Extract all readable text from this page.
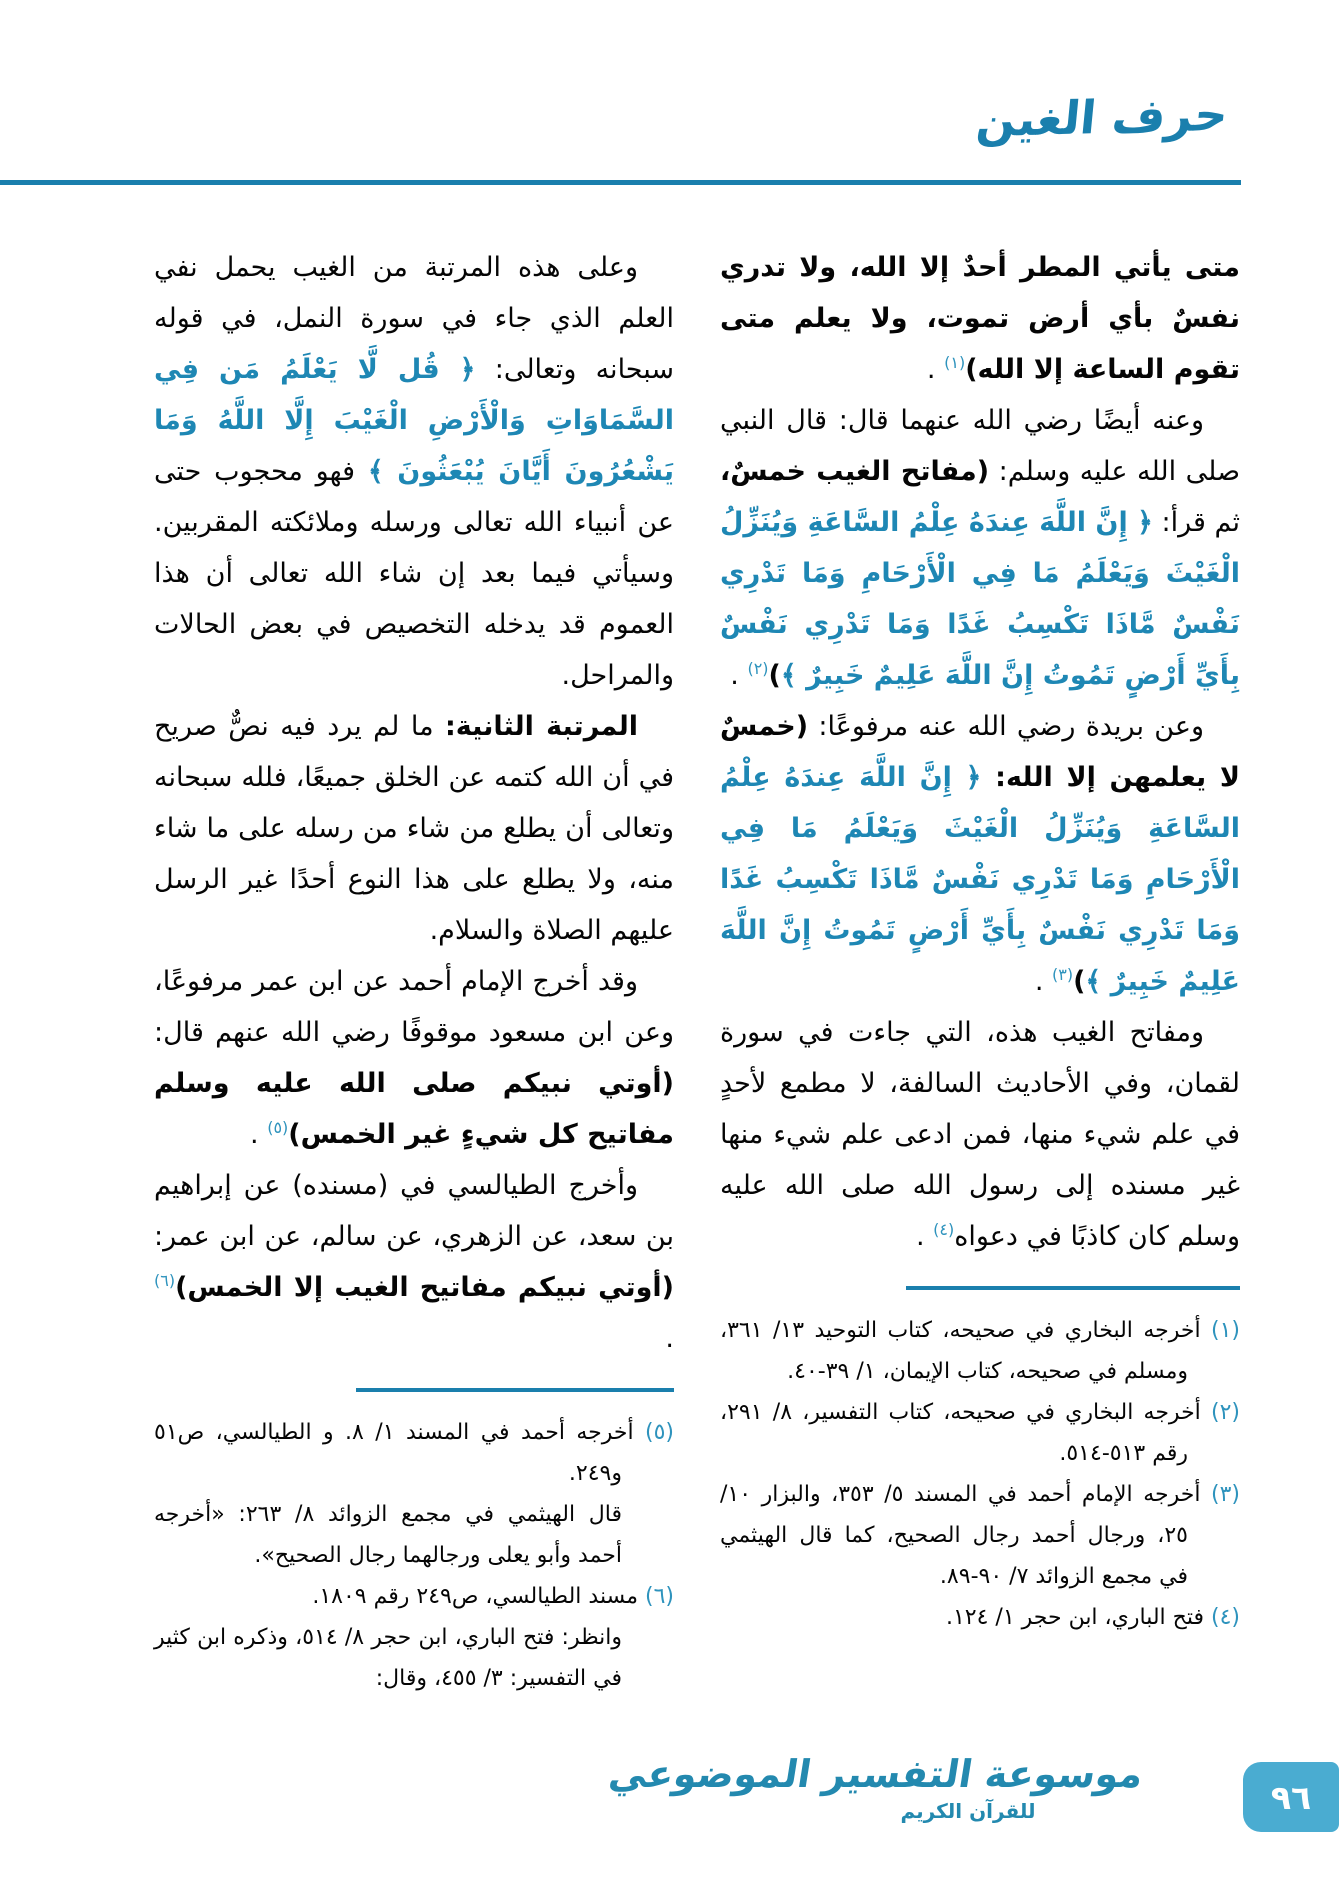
حرف الغين
متى يأتي المطر أحدٌ إلا الله، ولا تدري نفسٌ بأي أرض تموت، ولا يعلم متى تقوم الساعة إلا الله)$^{(١)}$ .
وعنه أيضًا رضي الله عنهما قال: قال النبي صلى الله عليه وسلم: (مفاتح الغيب خمسٌ، ثم قرأ: ﴿ إِنَّ اللَّهَ عِندَهُ عِلْمُ السَّاعَةِ وَيُنَزِّلُ الْغَيْثَ وَيَعْلَمُ مَا فِي الْأَرْحَامِ وَمَا تَدْرِي نَفْسٌ مَّاذَا تَكْسِبُ غَدًا وَمَا تَدْرِي نَفْسٌ بِأَيِّ أَرْضٍ تَمُوتُ إِنَّ اللَّهَ عَلِيمٌ خَبِيرٌ ﴾)$^{(٢)}$ .
وعن بريدة رضي الله عنه مرفوعًا: (خمسٌ لا يعلمهن إلا الله: ﴿ إِنَّ اللَّهَ عِندَهُ عِلْمُ السَّاعَةِ وَيُنَزِّلُ الْغَيْثَ وَيَعْلَمُ مَا فِي الْأَرْحَامِ وَمَا تَدْرِي نَفْسٌ مَّاذَا تَكْسِبُ غَدًا وَمَا تَدْرِي نَفْسٌ بِأَيِّ أَرْضٍ تَمُوتُ إِنَّ اللَّهَ عَلِيمٌ خَبِيرٌ ﴾)$^{(٣)}$ .
ومفاتح الغيب هذه، التي جاءت في سورة لقمان، وفي الأحاديث السالفة، لا مطمع لأحدٍ في علم شيء منها، فمن ادعى علم شيء منها غير مسنده إلى رسول الله صلى الله عليه وسلم كان كاذبًا في دعواه$^{(٤)}$ .
(١) أخرجه البخاري في صحيحه، كتاب التوحيد ١٣/ ٣٦١، ومسلم في صحيحه، كتاب الإيمان، ١/ ٣٩-٤٠.
(٢) أخرجه البخاري في صحيحه، كتاب التفسير، ٨/ ٢٩١، رقم ٥١٣-٥١٤.
(٣) أخرجه الإمام أحمد في المسند ٥/ ٣٥٣، والبزار ١٠/ ٢٥، ورجال أحمد رجال الصحيح، كما قال الهيثمي في مجمع الزوائد ٧/ ٩٠-٨٩.
(٤) فتح الباري، ابن حجر ١/ ١٢٤.
وعلى هذه المرتبة من الغيب يحمل نفي العلم الذي جاء في سورة النمل، في قوله سبحانه وتعالى: ﴿ قُل لَّا يَعْلَمُ مَن فِي السَّمَاوَاتِ وَالْأَرْضِ الْغَيْبَ إِلَّا اللَّهُ وَمَا يَشْعُرُونَ أَيَّانَ يُبْعَثُونَ ﴾ فهو محجوب حتى عن أنبياء الله تعالى ورسله وملائكته المقربين. وسيأتي فيما بعد إن شاء الله تعالى أن هذا العموم قد يدخله التخصيص في بعض الحالات والمراحل.
المرتبة الثانية: ما لم يرد فيه نصٌّ صريح في أن الله كتمه عن الخلق جميعًا، فلله سبحانه وتعالى أن يطلع من شاء من رسله على ما شاء منه، ولا يطلع على هذا النوع أحدًا غير الرسل عليهم الصلاة والسلام.
وقد أخرج الإمام أحمد عن ابن عمر مرفوعًا، وعن ابن مسعود موقوفًا رضي الله عنهم قال: (أوتي نبيكم صلى الله عليه وسلم مفاتيح كل شيءٍ غير الخمس)$^{(٥)}$ .
وأخرج الطيالسي في (مسنده) عن إبراهيم بن سعد، عن الزهري، عن سالم، عن ابن عمر: (أوتي نبيكم مفاتيح الغيب إلا الخمس)$^{(٦)}$ .
(٥) أخرجه أحمد في المسند ١/ ٨. و الطيالسي، ص٥١ و٢٤٩.
قال الهيثمي في مجمع الزوائد ٨/ ٢٦٣: «أخرجه أحمد وأبو يعلى ورجالهما رجال الصحيح».
(٦) مسند الطيالسي، ص٢٤٩ رقم ١٨٠٩.
وانظر: فتح الباري، ابن حجر ٨/ ٥١٤، وذكره ابن كثير في التفسير: ٣/ ٤٥٥، وقال:
موسوعة التفسير الموضوعي
للقرآن الكريم	٩٦
